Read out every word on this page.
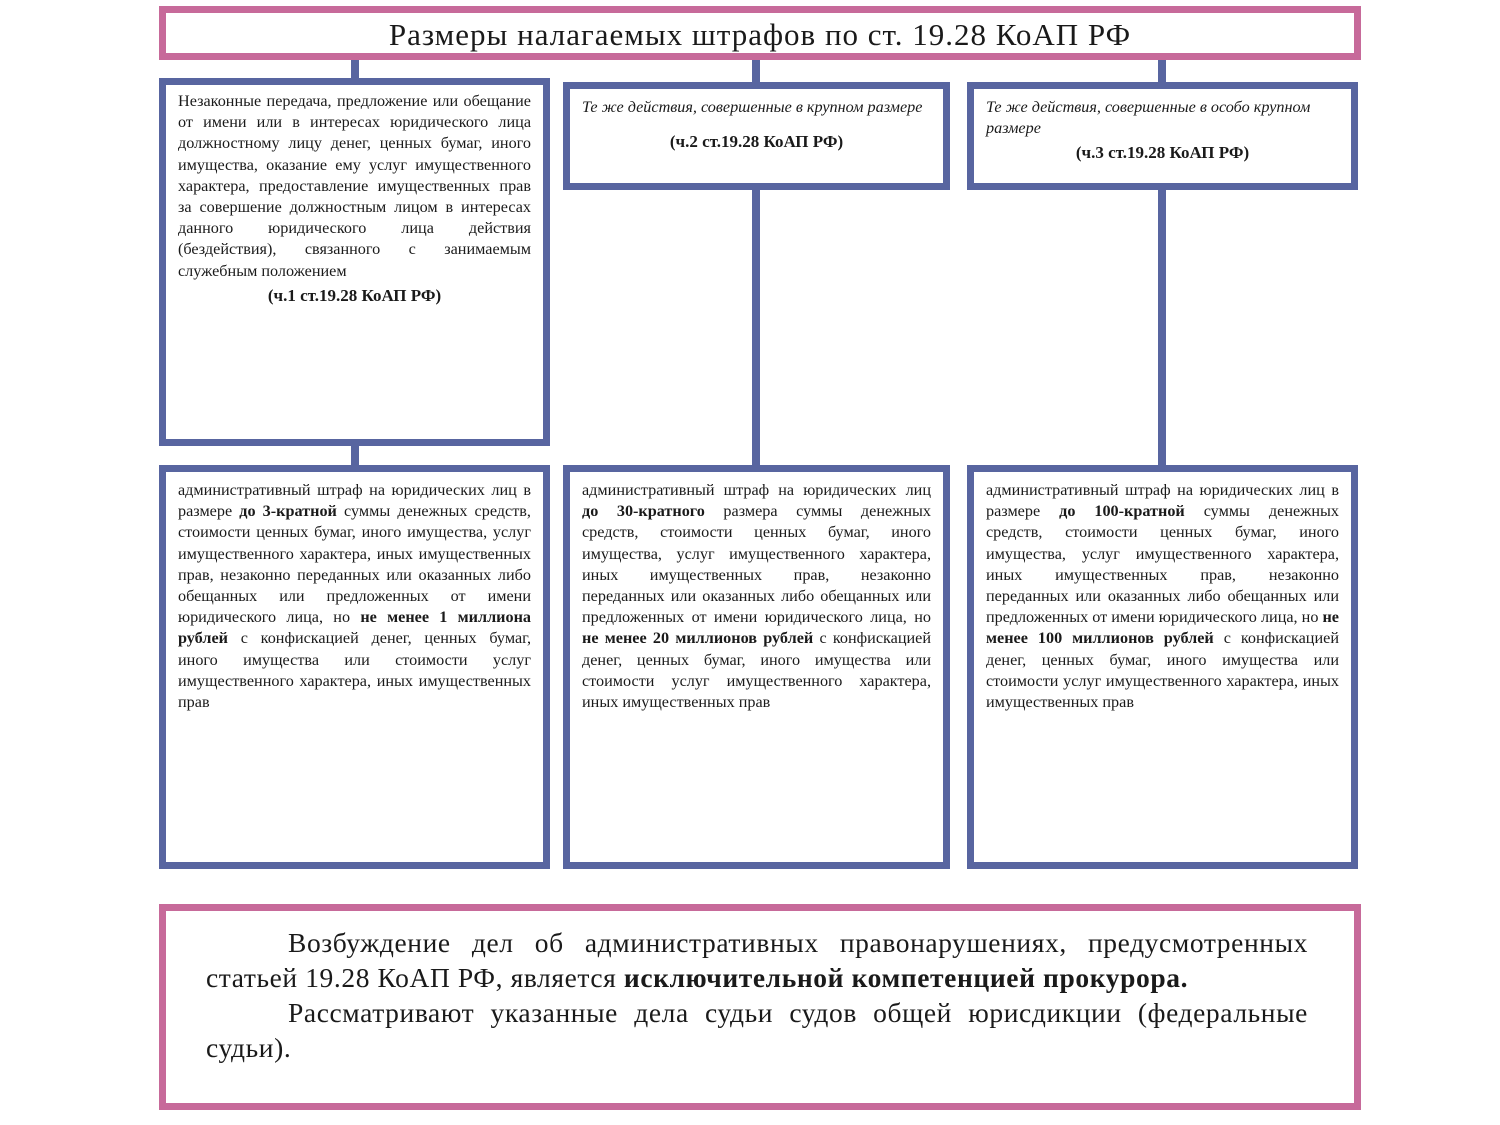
Размеры налагаемых штрафов по ст. 19.28 КоАП РФ
Незаконные передача, предложение или обещание от имени или в интересах юридического лица должностному лицу денег, ценных бумаг, иного имущества, оказание ему услуг имущественного характера, предоставление имущественных прав за совершение должностным лицом в интересах данного юридического лица действия (бездействия), связанного с занимаемым служебным положением
(ч.1 ст.19.28 КоАП РФ)
Те же действия, совершенные в крупном размере
(ч.2 ст.19.28 КоАП РФ)
Те же действия, совершенные в особо крупном размере
(ч.3 ст.19.28 КоАП РФ)
административный штраф на юридических лиц в размере до 3-кратной суммы денежных средств, стоимости ценных бумаг, иного имущества, услуг имущественного характера, иных имущественных прав, незаконно переданных или оказанных либо обещанных или предложенных от имени юридического лица, но не менее 1 миллиона рублей с конфискацией денег, ценных бумаг, иного имущества или стоимости услуг имущественного характера, иных имущественных прав
административный штраф на юридических лиц до 30-кратного размера суммы денежных средств, стоимости ценных бумаг, иного имущества, услуг имущественного характера, иных имущественных прав, незаконно переданных или оказанных либо обещанных или предложенных от имени юридического лица, но не менее 20 миллионов рублей с конфискацией денег, ценных бумаг, иного имущества или стоимости услуг имущественного характера, иных имущественных прав
административный штраф на юридических лиц в размере до 100-кратной суммы денежных средств, стоимости ценных бумаг, иного имущества, услуг имущественного характера, иных имущественных прав, незаконно переданных или оказанных либо обещанных или предложенных от имени юридического лица, но не менее 100 миллионов рублей с конфискацией денег, ценных бумаг, иного имущества или стоимости услуг имущественного характера, иных имущественных прав

Возбуждение дел об административных правонарушениях, предусмотренных статьей 19.28 КоАП РФ, является исключительной компетенцией прокурора.

Рассматривают указанные дела судьи судов общей юрисдикции (федеральные судьи).
